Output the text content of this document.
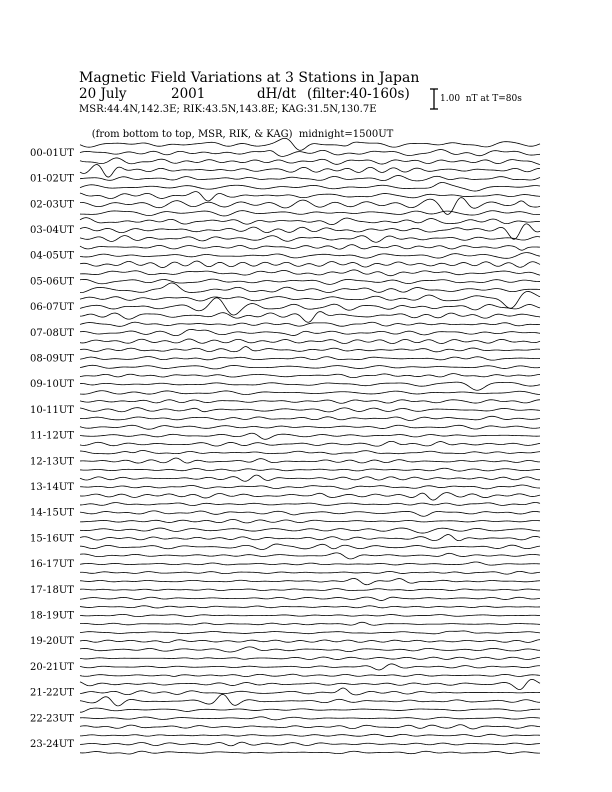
Magnetic Field Variations at 3 Stations in Japan

20 July

	2001

	dH/dt

(filter:40-160s)

MSR:44.4N,142.3E; RIK:43.5N,143.8E; KAG:31.5N,130.7E

(from bottom to top, MSR, RIK, & KAG) midnight=1500UT

1.00  nT at T=80s
00-01UT
01-02UT
02-03UT
03-04UT
04-05UT
05-06UT
06-07UT
07-08UT
08-09UT
09-10UT
10-11UT
11-12UT
12-13UT
13-14UT
14-15UT
15-16UT
16-17UT
17-18UT
18-19UT
19-20UT
20-21UT
21-22UT
22-23UT
23-24UT
